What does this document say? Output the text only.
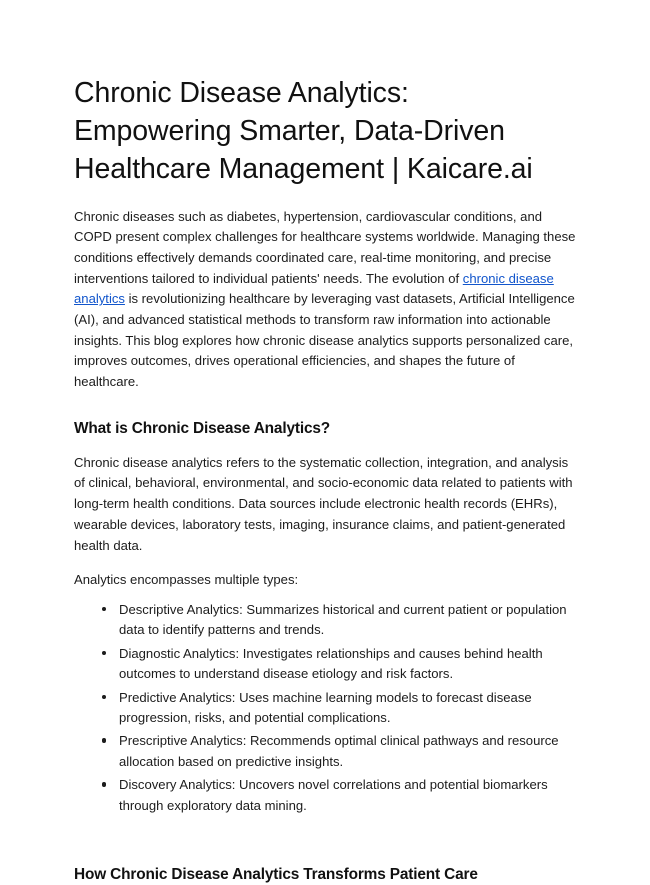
Chronic Disease Analytics: Empowering Smarter, Data-Driven Healthcare Management | Kaicare.ai

Chronic diseases such as diabetes, hypertension, cardiovascular conditions, and COPD present complex challenges for healthcare systems worldwide. Managing these conditions effectively demands coordinated care, real-time monitoring, and precise interventions tailored to individual patients' needs. The evolution of chronic disease analytics is revolutionizing healthcare by leveraging vast datasets, Artificial Intelligence (AI), and advanced statistical methods to transform raw information into actionable insights. This blog explores how chronic disease analytics supports personalized care, improves outcomes, drives operational efficiencies, and shapes the future of healthcare.

What is Chronic Disease Analytics?

Chronic disease analytics refers to the systematic collection, integration, and analysis of clinical, behavioral, environmental, and socio-economic data related to patients with long-term health conditions. Data sources include electronic health records (EHRs), wearable devices, laboratory tests, imaging, insurance claims, and patient-generated health data.

Analytics encompasses multiple types:

Descriptive Analytics: Summarizes historical and current patient or population data to identify patterns and trends.
Diagnostic Analytics: Investigates relationships and causes behind health outcomes to understand disease etiology and risk factors.
Predictive Analytics: Uses machine learning models to forecast disease progression, risks, and potential complications.
Prescriptive Analytics: Recommends optimal clinical pathways and resource allocation based on predictive insights.
Discovery Analytics: Uncovers novel correlations and potential biomarkers through exploratory data mining.
How Chronic Disease Analytics Transforms Patient Care
